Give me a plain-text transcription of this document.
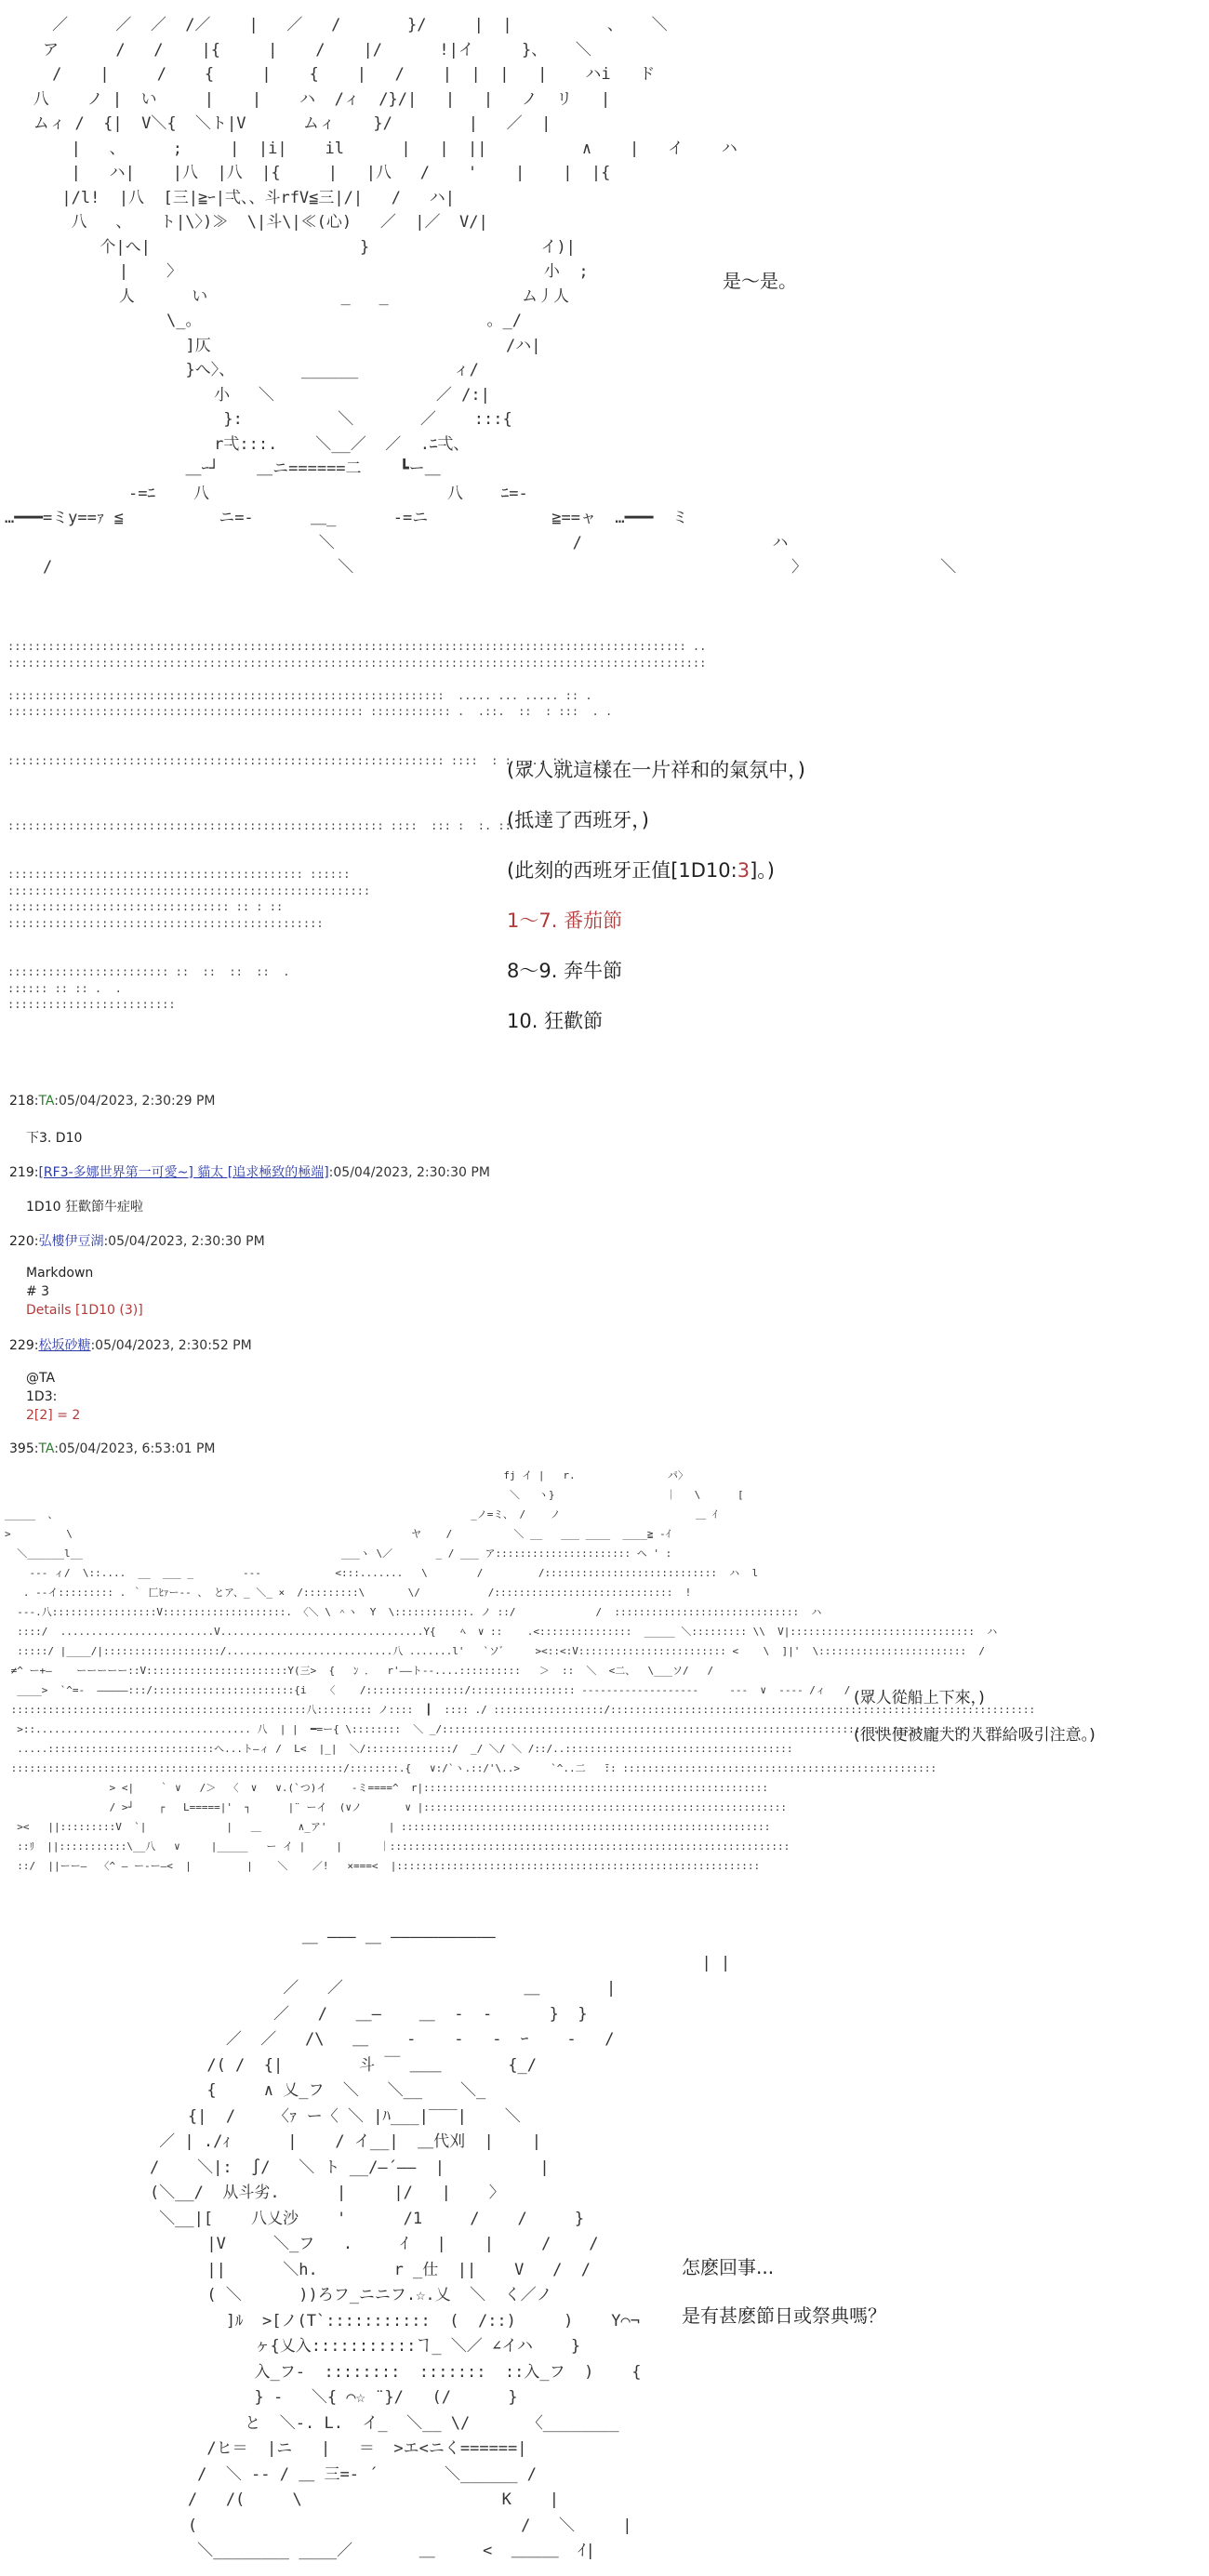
／     ／  ／  /／    |   ／   /       }/     |  |          、   ＼
ア      /   /    |{     |    /    |/      !|イ     }、   ＼
/    |     /    {     |    {    |   /    |  |  |   |    ハi   ド
八    ノ |  い     |    |    ハ  /ィ  /}/|   |   |   ノ  リ   |
ムィ /  {|  V＼{  ＼ト|V      ムィ    }/        |   ／  |
|   、     ;     |  |i|    il      |   |  ||          ∧    |   イ    ハ
|   ハ|    |八  |八  |{     |   |八   /    '    |    |  |{
|/l!  |八  [三|≧ｰ|弌、、斗rfV≦三|/|   /   ハ|
八   、   ト|\〉)≫  \|斗\|≪(心)   ／  |／  V/|
个|へ|                      }                  イ)|
|    〉                                      小  ;
人      い              _   _              ム丿人
\_。                              。_/
]仄                               /ハ|
}へ〉、       ______          ィ/
小   ＼                 ／ /:|
}:          ＼       ／    :::{
r弌:::.    ＼__／  ／  .ﾆ弌、
＿ｰ┘    ＿ニ======二    ┗ー＿
-=ﾆ    八                         八    ﾆ=-
…━━━=ミy==ｧ ≦          ニ=-      ＿_      -=ニ             ≧==ャ  …━━━  ミ
＼                         /                    ハ
/                              ＼                                              〉              ＼
是～是。
::::::::::::::::::::::::::::::::::::::::::::::::::::::::::::::::::::::::::::::::::::::::::::::::::::: ..
::::::::::::::::::::::::::::::::::::::::::::::::::::::::::::::::::::::::::::::::::::::::::::::::::::::::

:::::::::::::::::::::::::::::::::::::::::::::::::::::::::::::::::  ..... ... ..... :: .
::::::::::::::::::::::::::::::::::::::::::::::::::::: :::::::::::: .  .::.  ::  : :::  . .

::::::::::::::::::::::::::::::::::::::::::::::::::::::::::::::::: ::::  : :  ... ::

:::::::::::::::::::::::::::::::::::::::::::::::::::::::: ::::  ::: :  :. ::

:::::::::::::::::::::::::::::::::::::::::::: ::::::
::::::::::::::::::::::::::::::::::::::::::::::::::::::
::::::::::::::::::::::::::::::::: :: : ::
:::::::::::::::::::::::::::::::::::::::::::::::

:::::::::::::::::::::::: ::  ::  ::  ::  .
:::::: :: :: .  .
:::::::::::::::::::::::::
(眾人就這樣在一片祥和的氣氛中，)
(抵達了西班牙，)
(此刻的西班牙正值[1D10:3]。)
1～7. 番茄節
8～9. 奔牛節
10. 狂歡節
218:TA:05/04/2023, 2:30:29 PM
下3. D10
219:[RF3-多娜世界第一可愛~] 貓太 [追求極致的極端]:05/04/2023, 2:30:30 PM
1D10 狂歡節牛症啦
220:弘樓伊豆湖:05/04/2023, 2:30:30 PM
Markdown
# 3
Details [1D10 (3)]
229:松坂砂糖:05/04/2023, 2:30:52 PM
@TA
1D3:
2[2] = 2
395:TA:05/04/2023, 6:53:01 PM
fj イ |   r.               パ〉
＼   ヽ}                  ｜   \      [
_____  、                                                                   _ノ=ミ、 /    ノ                      ＿ ｲ
>         \                                                       ヤ    /          ＼ __   ___ ____  ____≧ -ｲ
＼______l__                                          ___ヽ \／       _ / ___ ア:::::::::::::::::::::: ヘ ' :
--- ィ/  \::....  __  ___ _        ---            <:::.......   \        /         /::::::::::::::::::::::::::::  ハ  l
. --イ::::::::: . ｀ 匚ﾋｧー-- 、 とア、_ ＼_ ×  /:::::::::\       \/           /:::::::::::::::::::::::::::::  !
---.八:::::::::::::::::V::::::::::::::::::::. 〈＼ \ ＾ヽ  Y  \::::::::::::. ノ ::/             /  ::::::::::::::::::::::::::::::  ハ
::::/  .........................V.................................Y{    ﾍ  ∨ ::    .<:::::::::::::::  _____ ＼::::::::: \\  V|::::::::::::::::::::::::::::::  ハ
:::::/ |____/|:::::::::::::::::::/...........................八 .......l'   `ソﾞ     ><::<:V:::::::::::::::::::::::: <    \  ]|'  \::::::::::::::::::::::::  /
≠^ ー+―    ーーーーー::V:::::::::::::::::::::::Y(三>  {   ﾝ ．  r'――ト‐-....::::::::::   ＞  ::  ＼  <二、  \___ソ/   /
____>  `^=-  ―――――:::/:::::::::::::::::::::::{i   〈    /::::::::::::::::/::::::::::::::::: -------------------     ---  ∨  ---- /ィ   /
::::::::::::::::::::::::::::::::::::::::::::::::八::::::::: ノ::::  ┃  :::: ./ ::::::::::::::::::/:::::::::::::::::::::::::::::::::::::::::::::::::::::::::::::::::::::
>::................................... 八  | |  ━=ー{ \::::::::  ＼ _/:::::::::::::::::::::::::::::::::::::::::::::::::::::::::::::::::::::::::::::::::::::::::
.....:::::::::::::::::::::::::::へ...ト―ィ /  L<  |_|  ＼/::::::::::::::/  _/ ＼/ ＼ /::/..:::::::::::::::::::::::::::::::::::::
::::::::::::::::::::::::::::::::::::::::::::::::::::::/::::::::.{   ∨:/`ヽ.::/'\..>     `^..二   ̄:: :::::::::::::::::::::::::::::::::::::::::::::::::::
> <|    ｀ ∨   /＞  〈  ∨   ∨.(`つ)イ    ‐ミ====^  r|::::::::::::::::::::::::::::::::::::::::::::::::::::::::
/ >┘    ┌   L=====|'  ┐      |¨ ーイ  (∨ノ       ∨ |:::::::::::::::::::::::::::::::::::::::::::::::::::::::::::
><   ||:::::::::V  `|             |   ＿      ∧_ア'          | ::::::::::::::::::::::::::::::::::::::::::::::::::::::::::::
::ﾘ  ||:::::::::::\__八   ∨     |_____   ー イ |     |      ｜:::::::::::::::::::::::::::::::::::::::::::::::::::::::::::::::::
::/  ||ーー―  〈^ ― ー‐ー―<  |         |    ＼    ／!   ×===<  |:::::::::::::::::::::::::::::::::::::::::::::::::::::::::::
(眾人從船上下來，)
(很快便被龐大的人群給吸引注意。)
＿ ――― ＿ ―――――――――――
| |
／   ／                   ＿       |
／   /   ＿―    ＿  -  -      }  }
／  ／   /\   ＿    -    -   -  ｰ    -   /
/( /  {|        斗 ￣ ＿＿       {_/
{     ∧ 乂_フ  ＼   ＼__    ＼_
{|  /    〈ｧ ー〈 ＼ |ﾊ___|‾‾‾|    ＼
／ | ./ｨ      |    / イ__|  ＿代刈  |    |
/    ＼|:  ∫/   ＼ ト __/―´――  |          |
(＼__/  从斗劣.      |     |/   |    〉
＼__|[    八乂沙    '      /1     /    /     }
|V     ＼_フ   .     ｲ   |    |     /    /
||      ＼h.        r _仕  ||    V   /  /
( ＼      ))ろフ_ニニフ.☆.乂  ＼  く／ノ
]ﾙ  >[ノ(T`:::::::::::  (  /::)     )    Y⌒¬
ヶ{乂入:::::::::::ヿ_ ＼／ ∠イハ    }
入_フ-  ::::::::  :::::::  ::入_フ  )    {
} -   ＼{ ⌒☆ ¨}/   (/      }
と  ＼-. L.  イ_  ＼__ \/      〈________
/ヒ＝  |ニ   |   ＝  >エ<ニく======|
/  ＼ -‐ / ＿ 三=- ´       ＼______ /
/   /(     \                     K    |
(                                  /   ＼     |
＼________ ____／       ＿     <  ＿＿＿  ｲ|
怎麽回事...
是有甚麽節日或祭典嗎？
